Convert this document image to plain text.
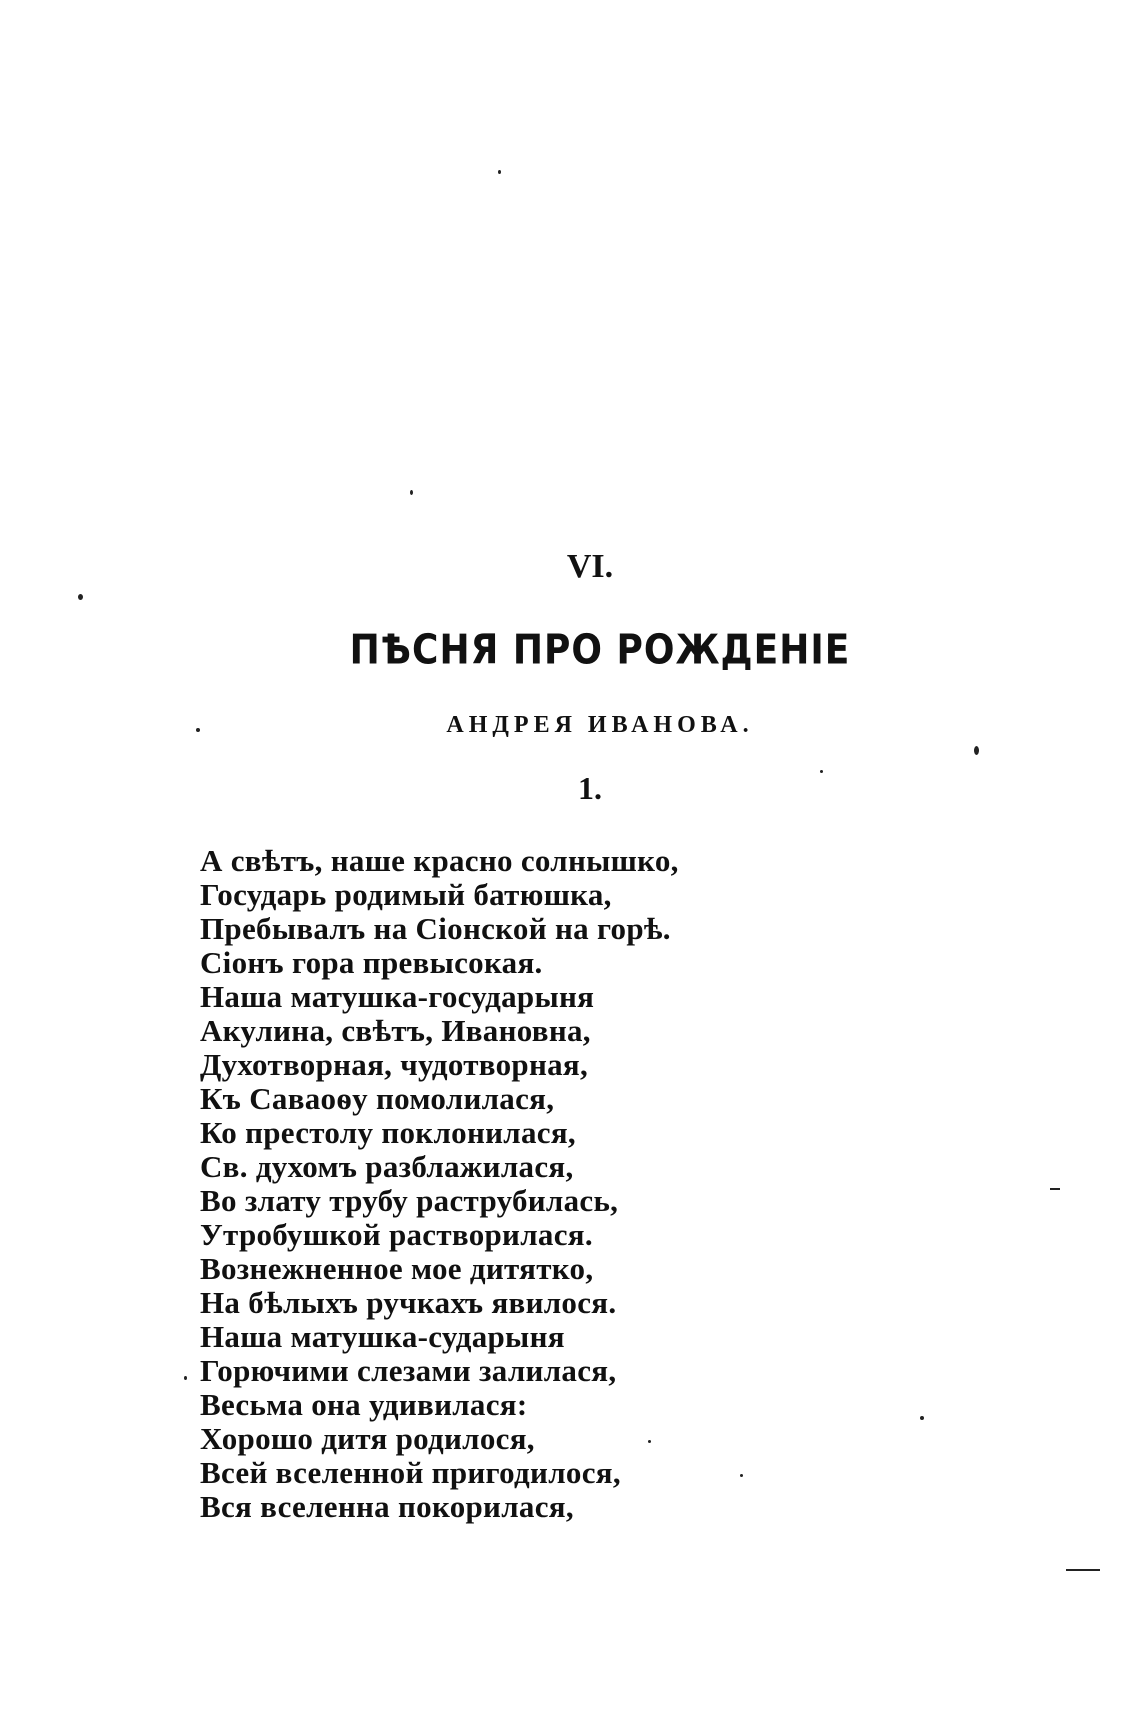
VI.
ПѢСНЯ ПРО РОЖДЕНІЕ
АНДРЕЯ ИВАНОВА.
1.
А свѣтъ, наше красно солнышко,
Государь родимый батюшка,
Пребывалъ на Сіонской на горѣ.
Сіонъ гора превысокая.
Наша матушка-государыня
Акулина, свѣтъ, Ивановна,
Духотворная, чудотворная,
Къ Саваоѳу помолилася,
Ко престолу поклонилася,
Св. духомъ разблажилася,
Во злату трубу раструбилась,
Утробушкой растворилася.
Вознежненное мое дитятко,
На бѣлыхъ ручкахъ явилося.
Наша матушка-сударыня
Горючими слезами залилася,
Весьма она удивилася:
Хорошо дитя родилося,
Всей вселенной пригодилося,
Вся вселенна покорилася,
